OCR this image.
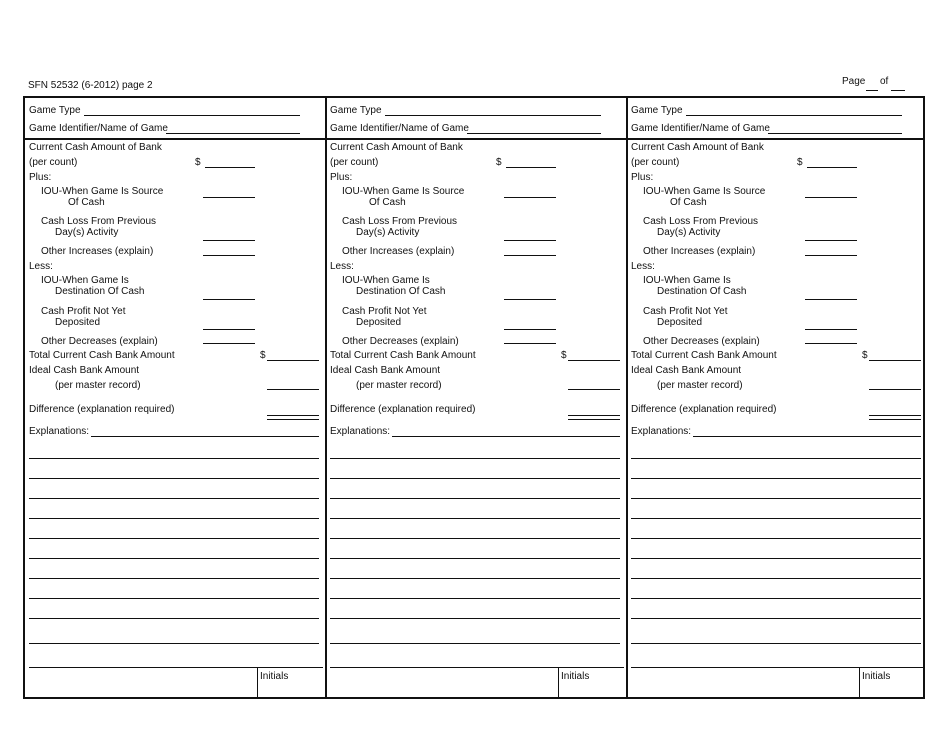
SFN 52532 (6-2012) page 2	Page of
Game Type
Game Identifier/Name of Game
Current Cash Amount of Bank
(per count)	$
Plus:
IOU-When Game Is Source
Of Cash
Cash Loss From Previous
Day(s) Activity
Other Increases (explain)
Less:
IOU-When Game Is
Destination Of Cash
Cash Profit Not Yet
Deposited
Other Decreases (explain)
Total Current Cash Bank Amount	$
Ideal Cash Bank Amount
(per master record)
Difference (explanation required)
Explanations:
Initials
Game Type
Game Identifier/Name of Game
Current Cash Amount of Bank
(per count)	$
Plus:
IOU-When Game Is Source
Of Cash
Cash Loss From Previous
Day(s) Activity
Other Increases (explain)
Less:
IOU-When Game Is
Destination Of Cash
Cash Profit Not Yet
Deposited
Other Decreases (explain)
Total Current Cash Bank Amount	$
Ideal Cash Bank Amount
(per master record)
Difference (explanation required)
Explanations:
Initials
Game Type
Game Identifier/Name of Game
Current Cash Amount of Bank
(per count)	$
Plus:
IOU-When Game Is Source
Of Cash
Cash Loss From Previous
Day(s) Activity
Other Increases (explain)
Less:
IOU-When Game Is
Destination Of Cash
Cash Profit Not Yet
Deposited
Other Decreases (explain)
Total Current Cash Bank Amount	$
Ideal Cash Bank Amount
(per master record)
Difference (explanation required)
Explanations:
Initials
